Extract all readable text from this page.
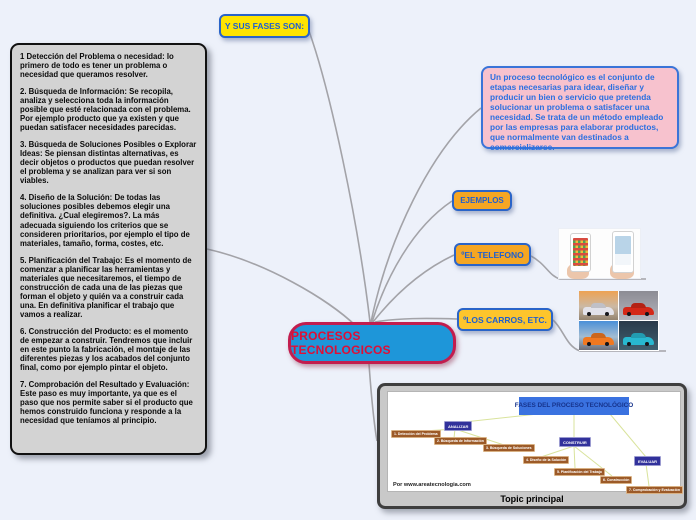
1 Detección del Problema o necesidad: lo primero de todo es tener un problema o necesidad que queramos resolver.

2. Búsqueda de Información: Se recopila, analiza y selecciona toda la información posible que esté relacionada con el problema. Por ejemplo producto que ya existen y que puedan satisfacer necesidades parecidas.

3. Búsqueda de Soluciones Posibles o Explorar Ideas: Se piensan distintas alternativas, es decir objetos o productos que puedan resolver el problema y se analizan para ver si son viables.

4. Diseño de la Solución: De todas las soluciones posibles debemos elegir una definitiva. ¿Cual elegiremos?. La más adecuada siguiendo los criterios que se consideren prioritarios, por ejemplo el tipo de materiales, tamaño, forma, costes, etc.

5. Planificación del Trabajo: Es el momento de comenzar a planificar las herramientas y materiales que necesitaremos, el tiempo de construcción de cada una de las piezas que forman el objeto y quién va a construir cada una. En definitiva planificar el trabajo que vamos a realizar.

6. Construcción del Producto: es el momento de empezar a construir. Tendremos que incluir en este punto la fabricación, el montaje de las diferentes piezas y los acabados del conjunto final, como por ejemplo pintar el objeto.

7. Comprobación del Resultado y Evaluación: Este paso es muy importante, ya que es el paso que nos permite saber si el producto que hemos construido funciona y responde a la necesidad que teníamos al principio.

Y SUS FASES SON:

Un proceso tecnológico es el conjunto de etapas necesarias para idear, diseñar y producir un bien o servicio que pretenda solucionar un problema o satisfacer una necesidad. Se trata de un método empleado por las empresas para elaborar productos, que normalmente van destinados a comercializarse.

EJEMPLOS
ºEL TELEFONO
ºLOS CARROS, ETC.
PROCESOS TECNOLOGICOS
FASES DEL PROCESO TECNOLÓGICO
ANALIZAR
CONSTRUIR
EVALUAR
1. Detección del Problema
2. Búsqueda de Información
3. Búsqueda de Soluciones
4. Diseño de la Solución
5. Planificación del Trabajo
6. Construcción
7. Comprobación y Evaluación
Por www.areatecnologia.com
Topic principal
